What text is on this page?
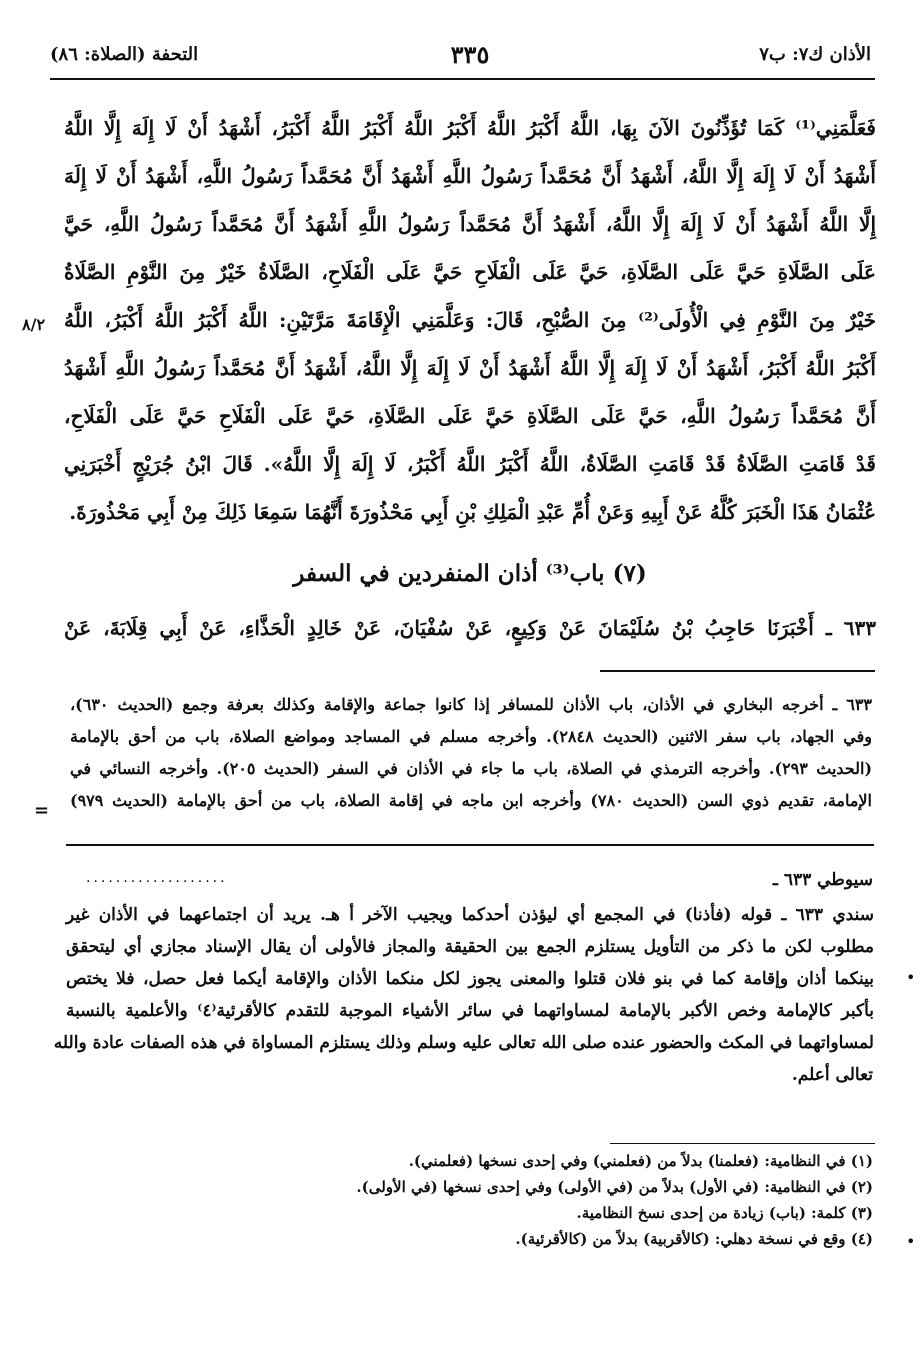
الأذان ك٧: ب٧
٣٣٥
التحفة (الصلاة: ٨٦)
فَعَلَّمَنِي⁽¹⁾ كَمَا تُؤَذِّنُونَ الآنَ بِهَا، اللَّهُ أَكْبَرُ اللَّهُ أَكْبَرُ اللَّهُ أَكْبَرُ اللَّهُ أَكْبَرُ، أَشْهَدُ أَنْ لَا إِلَهَ إِلَّا اللَّهُ
أَشْهَدُ أَنْ لَا إِلَهَ إِلَّا اللَّهُ، أَشْهَدُ أَنَّ مُحَمَّداً رَسُولُ اللَّهِ أَشْهَدُ أَنَّ مُحَمَّداً رَسُولُ اللَّهِ، أَشْهَدُ أَنْ لَا إِلَهَ
إِلَّا اللَّهُ أَشْهَدُ أَنْ لَا إِلَهَ إِلَّا اللَّهُ، أَشْهَدُ أَنَّ مُحَمَّداً رَسُولُ اللَّهِ أَشْهَدُ أَنَّ مُحَمَّداً رَسُولُ اللَّهِ، حَيَّ
عَلَى الصَّلَاةِ حَيَّ عَلَى الصَّلَاةِ، حَيَّ عَلَى الْفَلَاحِ حَيَّ عَلَى الْفَلَاحِ، الصَّلَاةُ خَيْرٌ مِنَ النَّوْمِ الصَّلَاةُ
خَيْرٌ مِنَ النَّوْمِ فِي الْأُولَى⁽²⁾ مِنَ الصُّبْحِ، قَالَ: وَعَلَّمَنِي الْإِقَامَةَ مَرَّتَيْنِ: اللَّهُ أَكْبَرُ اللَّهُ أَكْبَرُ، اللَّهُ
أَكْبَرُ اللَّهُ أَكْبَرُ، أَشْهَدُ أَنْ لَا إِلَهَ إِلَّا اللَّهُ أَشْهَدُ أَنْ لَا إِلَهَ إِلَّا اللَّهُ، أَشْهَدُ أَنَّ مُحَمَّداً رَسُولُ اللَّهِ أَشْهَدُ
أَنَّ مُحَمَّداً رَسُولُ اللَّهِ، حَيَّ عَلَى الصَّلَاةِ حَيَّ عَلَى الصَّلَاةِ، حَيَّ عَلَى الْفَلَاحِ حَيَّ عَلَى الْفَلَاحِ،
قَدْ قَامَتِ الصَّلَاةُ قَدْ قَامَتِ الصَّلَاةُ، اللَّهُ أَكْبَرُ اللَّهُ أَكْبَرُ، لَا إِلَهَ إِلَّا اللَّهُ». قَالَ ابْنُ جُرَيْجٍ أَخْبَرَنِي
عُثْمَانُ هَذَا الْخَبَرَ كُلَّهُ عَنْ أَبِيهِ وَعَنْ أُمِّ عَبْدِ الْمَلِكِ بْنِ أَبِي مَحْذُورَةَ أَنَّهُمَا سَمِعَا ذَلِكَ مِنْ أَبِي مَحْذُورَةَ.
٨/٢
(٧) باب⁽³⁾ أذان المنفردين في السفر
٦٣٣ ـ أَخْبَرَنَا حَاجِبُ بْنُ سُلَيْمَانَ عَنْ وَكِيعٍ، عَنْ سُفْيَانَ، عَنْ خَالِدٍ الْحَذَّاءِ، عَنْ أَبِي قِلَابَةَ، عَنْ
٦٣٣ ـ أخرجه البخاري في الأذان، باب الأذان للمسافر إذا كانوا جماعة والإقامة وكذلك بعرفة وجمع (الحديث ٦٣٠)،
وفي الجهاد، باب سفر الاثنين (الحديث ٢٨٤٨). وأخرجه مسلم في المساجد ومواضع الصلاة، باب من أحق بالإمامة
(الحديث ٢٩٣). وأخرجه الترمذي في الصلاة، باب ما جاء في الأذان في السفر (الحديث ٢٠٥). وأخرجه النسائي في
الإمامة، تقديم ذوي السن (الحديث ٧٨٠) وأخرجه ابن ماجه في إقامة الصلاة، باب من أحق بالإمامة (الحديث ٩٧٩)
=
سيوطي ٦٣٣ ـ
...................
سندي ٦٣٣ ـ قوله (فأذنا) في المجمع أي ليؤذن أحدكما ويجيب الآخر أ هـ. يريد أن اجتماعهما في الأذان غير
مطلوب لكن ما ذكر من التأويل يستلزم الجمع بين الحقيقة والمجاز فالأولى أن يقال الإسناد مجازي أي ليتحقق
بينكما أذان وإقامة كما في بنو فلان قتلوا والمعنى يجوز لكل منكما الأذان والإقامة أيكما فعل حصل، فلا يختص
بأكبر كالإمامة وخص الأكبر بالإمامة لمساواتهما في سائر الأشياء الموجبة للتقدم كالأقرئية⁽٤⁾ والأعلمية بالنسبة
لمساواتهما في المكث والحضور عنده صلى الله تعالى عليه وسلم وذلك يستلزم المساواة في هذه الصفات عادة والله
تعالى أعلم.
•
(١) في النظامية: (فعلمنا) بدلاً من (فعلمني) وفي إحدى نسخها (فعلمني).
(٢) في النظامية: (في الأول) بدلاً من (في الأولى) وفي إحدى نسخها (في الأولى).
(٣) كلمة: (باب) زيادة من إحدى نسخ النظامية.
(٤) وقع في نسخة دهلي: (كالأقربية) بدلاً من (كالأقرئية). •
